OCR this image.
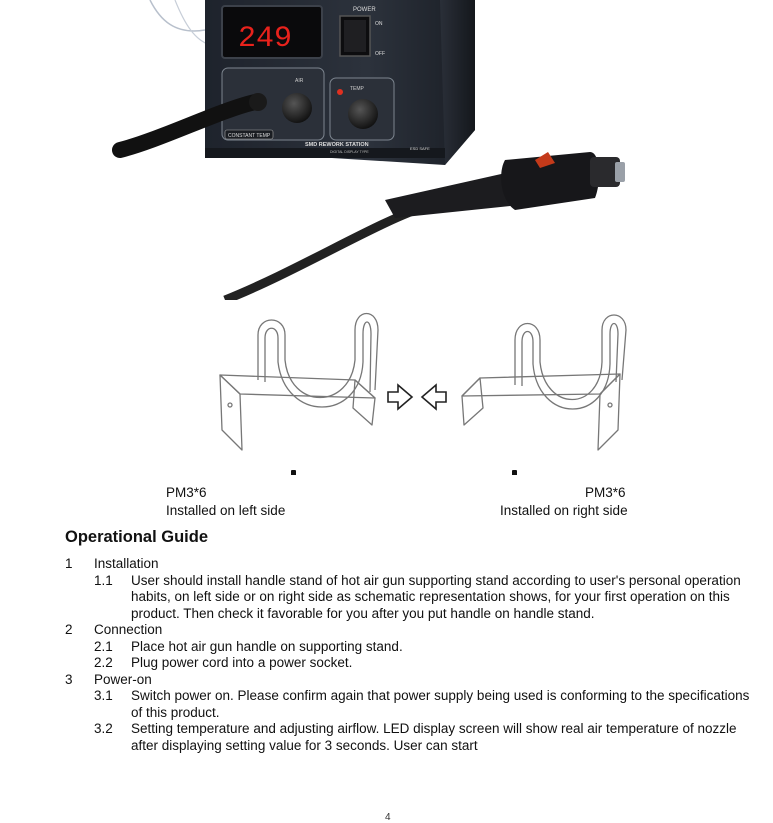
249
POWER
ON
OFF
AIR
TEMP
CONSTANT TEMP
SMD REWORK STATION
DIGITAL DISPLAY TYPE
ESD SAFE
PM3*6
Installed on left side
PM3*6
Installed on right side
Operational Guide
1	Installation
1.1	User should install handle stand of hot air gun supporting stand according to user's personal operation habits, on left side or on right side as schematic representation shows, for your first operation on this product. Then check it favorable for you after you put handle on handle stand.
2	Connection
2.1	Place hot air gun handle on supporting stand.
2.2	Plug power cord into a power socket.
3	Power-on
3.1	Switch power on. Please confirm again that power supply being used is conforming to the specifications of this product.
3.2	Setting temperature and adjusting airflow. LED display screen will show real air temperature of nozzle after displaying setting value for 3 seconds. User can start
4
